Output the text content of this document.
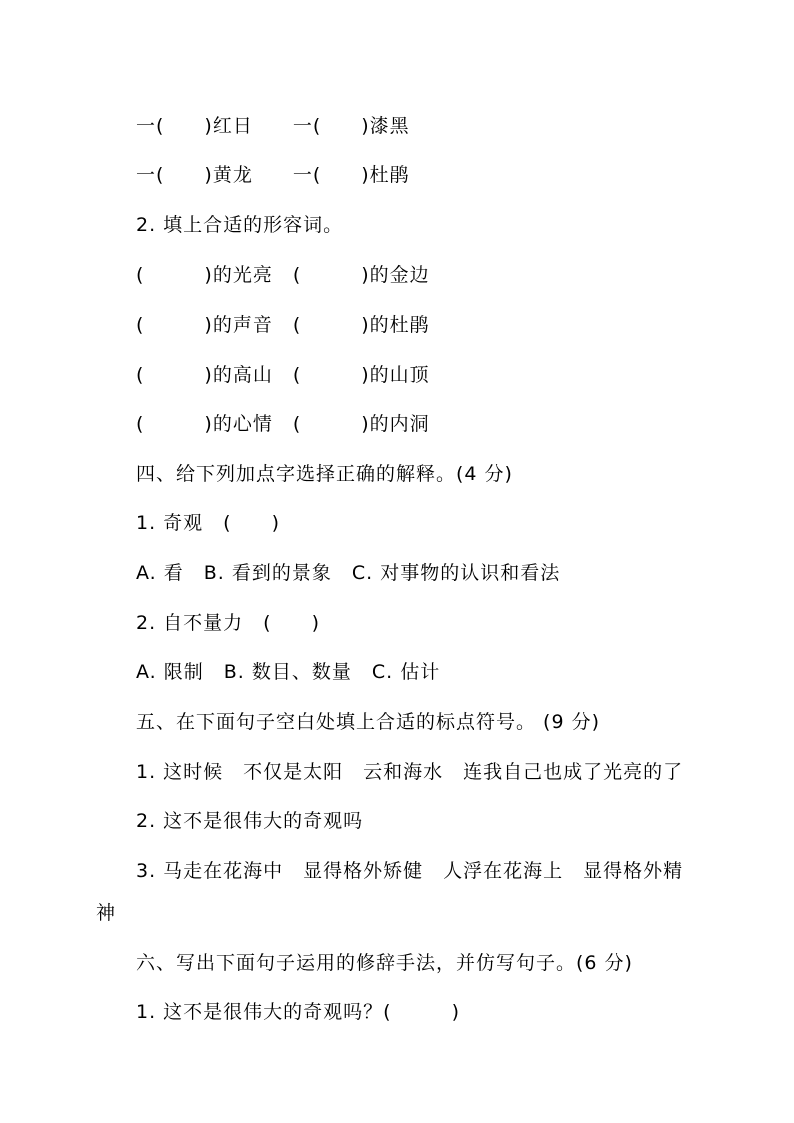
一(　　)红日　　一(　　)漆黑
一(　　)黄龙　　一(　　)杜鹃
2. 填上合适的形容词。
(　　　)的光亮　(　　　)的金边
(　　　)的声音　(　　　)的杜鹃
(　　　)的高山　(　　　)的山顶
(　　　)的心情　(　　　)的内洞
四、给下列加点字选择正确的解释。(4 分)
1. 奇观　(　　)
A. 看　B. 看到的景象　C. 对事物的认识和看法
2. 自不量力　(　　)
A. 限制　B. 数目、数量　C. 估计
五、在下面句子空白处填上合适的标点符号。 (9 分)
1. 这时候　不仅是太阳　云和海水　连我自己也成了光亮的了
2. 这不是很伟大的奇观吗
3. 马走在花海中　显得格外矫健　人浮在花海上　显得格外精
神
六、写出下面句子运用的修辞手法，并仿写句子。(6 分)
1. 这不是很伟大的奇观吗？(　　　)
